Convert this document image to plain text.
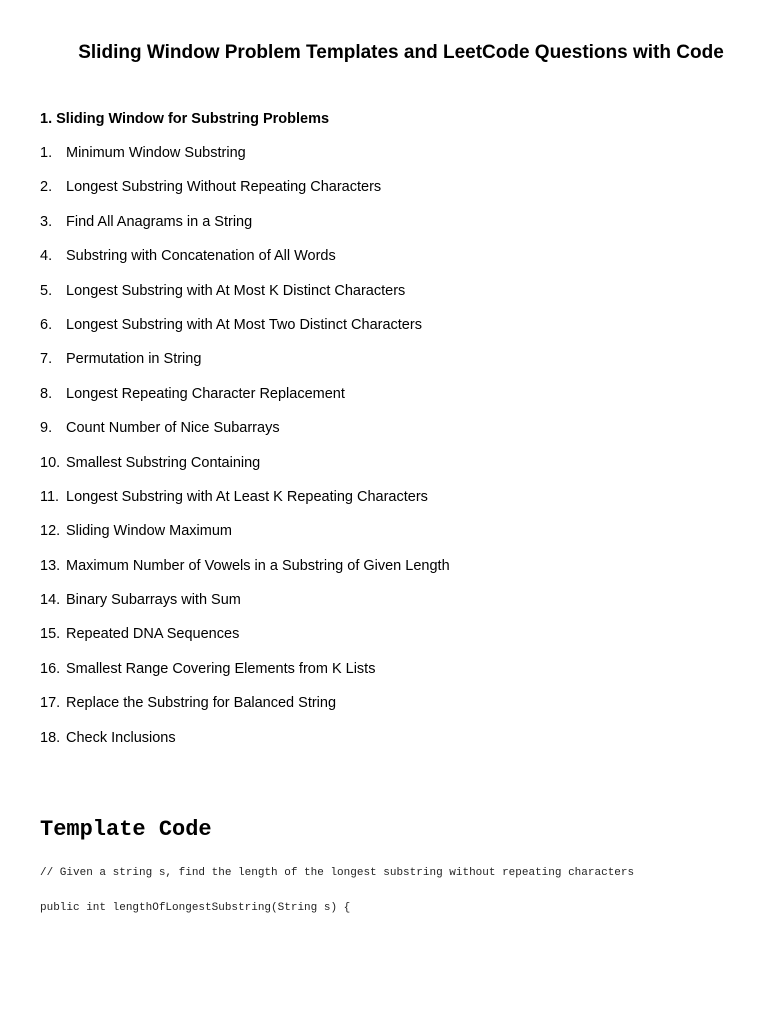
Sliding Window Problem Templates and LeetCode Questions with Code
1. Sliding Window for Substring Problems
1. Minimum Window Substring
2. Longest Substring Without Repeating Characters
3. Find All Anagrams in a String
4. Substring with Concatenation of All Words
5. Longest Substring with At Most K Distinct Characters
6. Longest Substring with At Most Two Distinct Characters
7. Permutation in String
8. Longest Repeating Character Replacement
9. Count Number of Nice Subarrays
10. Smallest Substring Containing
11. Longest Substring with At Least K Repeating Characters
12. Sliding Window Maximum
13. Maximum Number of Vowels in a Substring of Given Length
14. Binary Subarrays with Sum
15. Repeated DNA Sequences
16. Smallest Range Covering Elements from K Lists
17. Replace the Substring for Balanced String
18. Check Inclusions
Template Code
// Given a string s, find the length of the longest substring without repeating characters
public int lengthOfLongestSubstring(String s) {
